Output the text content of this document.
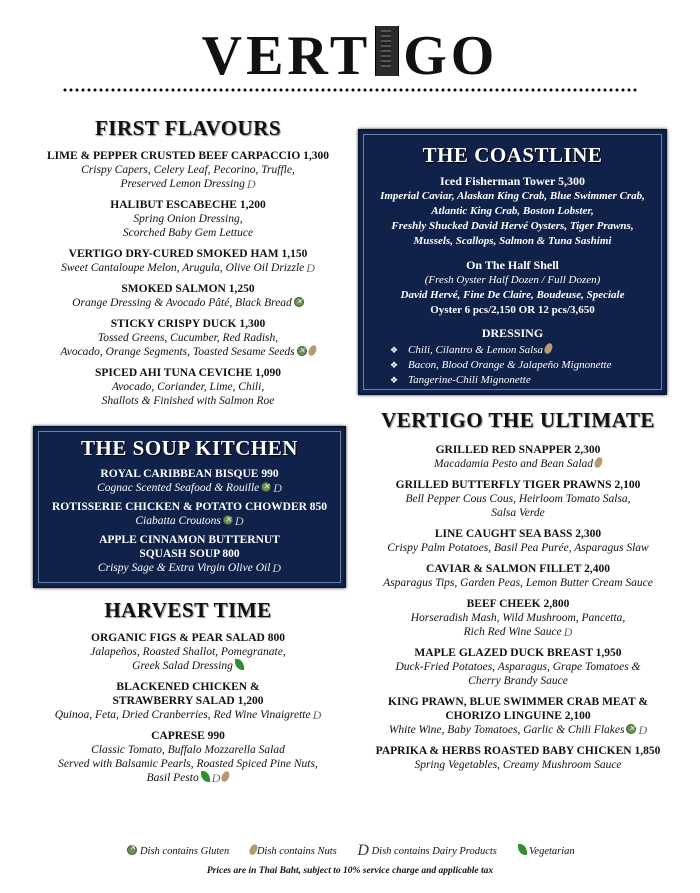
VERT GO
FIRST FLAVOURS
LIME & PEPPER CRUSTED BEEF CARPACCIO 1,300
Crispy Capers, Celery Leaf, Pecorino, Truffle,
Preserved Lemon Dressing D
HALIBUT ESCABECHE 1,200
Spring Onion Dressing,
Scorched Baby Gem Lettuce
VERTIGO DRY-CURED SMOKED HAM 1,150
Sweet Cantaloupe Melon, Arugula, Olive Oil Drizzle D
SMOKED SALMON 1,250
Orange Dressing & Avocado Pâté, Black Bread✕
STICKY CRISPY DUCK 1,300
Tossed Greens, Cucumber, Red Radish,
Avocado, Orange Segments, Toasted Sesame Seeds✕
SPICED AHI TUNA CEVICHE 1,090
Avocado, Coriander, Lime, Chili,
Shallots & Finished with Salmon Roe
THE SOUP KITCHEN
ROYAL CARIBBEAN BISQUE 990
Cognac Scented Seafood & Rouille ✕ D
ROTISSERIE CHICKEN & POTATO CHOWDER 850
Ciabatta Croutons ✕ D
APPLE CINNAMON BUTTERNUT
SQUASH SOUP 800
Crispy Sage & Extra Virgin Olive Oil D
HARVEST TIME
ORGANIC FIGS & PEAR SALAD 800
Jalapeños, Roasted Shallot, Pomegranate,
Greek Salad Dressing
BLACKENED CHICKEN &
STRAWBERRY SALAD 1,200
Quinoa, Feta, Dried Cranberries, Red Wine Vinaigrette D
CAPRESE 990
Classic Tomato, Buffalo Mozzarella Salad
Served with Balsamic Pearls, Roasted Spiced Pine Nuts,
Basil Pesto D
THE COASTLINE
Iced Fisherman Tower 5,300
Imperial Caviar, Alaskan King Crab, Blue Swimmer Crab,
Atlantic King Crab, Boston Lobster,
Freshly Shucked David Hervé Oysters, Tiger Prawns,
Mussels, Scallops, Salmon & Tuna Sashimi
On The Half Shell
(Fresh Oyster Half Dozen / Full Dozen)
David Hervé, Fine De Claire, Boudeuse, Speciale
Oyster 6 pcs/2,150 OR 12 pcs/3,650
DRESSING
❖ Chili, Cilantro & Lemon Salsa
❖ Bacon, Blood Orange & Jalapeño Mignonette
❖ Tangerine-Chili Mignonette
VERTIGO THE ULTIMATE
GRILLED RED SNAPPER 2,300
Macadamia Pesto and Bean Salad
GRILLED BUTTERFLY TIGER PRAWNS 2,100
Bell Pepper Cous Cous, Heirloom Tomato Salsa,
Salsa Verde
LINE CAUGHT SEA BASS 2,300
Crispy Palm Potatoes, Basil Pea Purée, Asparagus Slaw
CAVIAR & SALMON FILLET 2,400
Asparagus Tips, Garden Peas, Lemon Butter Cream Sauce
BEEF CHEEK 2,800
Horseradish Mash, Wild Mushroom, Pancetta,
Rich Red Wine Sauce D
MAPLE GLAZED DUCK BREAST 1,950
Duck-Fried Potatoes, Asparagus, Grape Tomatoes &
Cherry Brandy Sauce
KING PRAWN, BLUE SWIMMER CRAB MEAT &
CHORIZO LINGUINE 2,100
White Wine, Baby Tomatoes, Garlic & Chili Flakes ✕ D
PAPRIKA & HERBS ROASTED BABY CHICKEN 1,850
Spring Vegetables, Creamy Mushroom Sauce
✕ Dish contains Gluten	Dish contains Nuts D Dish contains Dairy Products	Vegetarian
Prices are in Thai Baht, subject to 10% service charge and applicable tax
